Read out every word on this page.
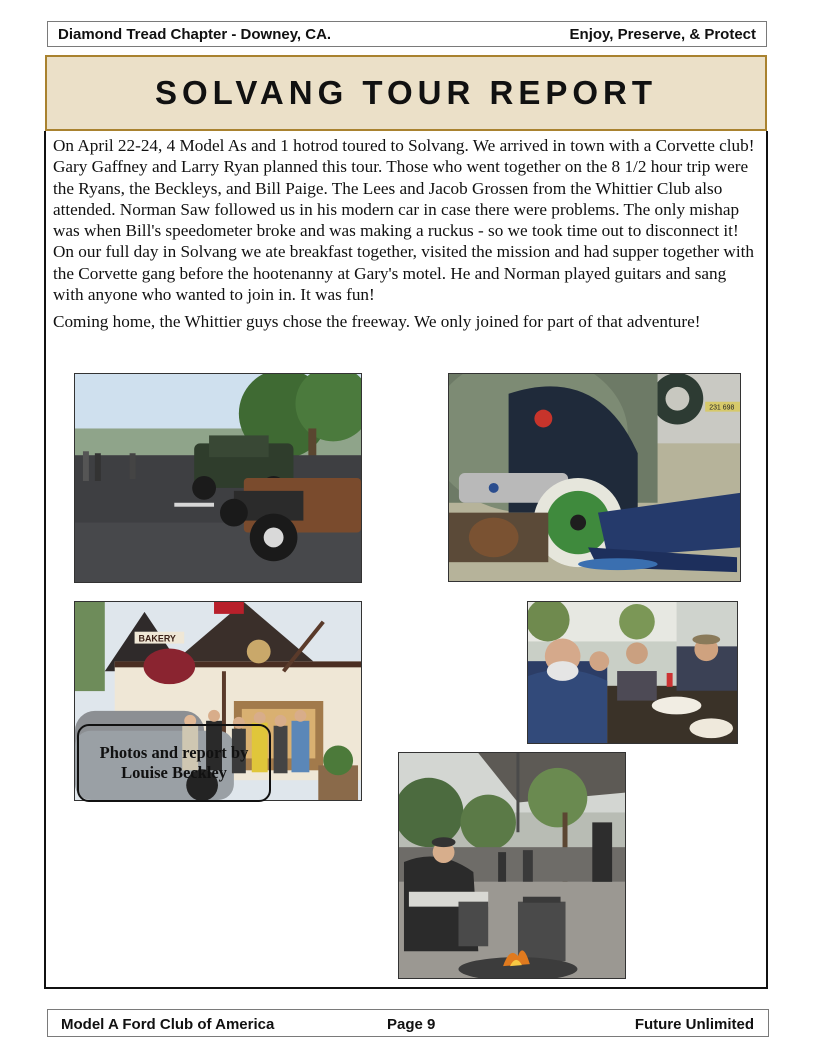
Diamond Tread Chapter - Downey, CA.	Enjoy, Preserve, & Protect
SOLVANG TOUR REPORT

On April 22-24, 4 Model As and 1 hotrod toured to Solvang. We arrived in town with a Corvette club! Gary Gaffney and Larry Ryan planned this tour. Those who went together on the 8 1/2 hour trip were the Ryans, the Beckleys, and Bill Paige. The Lees and Jacob Grossen from the Whittier Club also attended. Norman Saw followed us in his modern car in case there were problems. The only mishap was when Bill's speedometer broke and was making a ruckus - so we took time out to disconnect it! On our full day in Solvang we ate breakfast together, visited the mission and had supper together with the Corvette gang before the hootenanny at Gary's motel. He and Norman played guitars and sang with anyone who wanted to join in. It was fun!

Coming home, the Whittier guys chose the freeway. We only joined for part of that adventure!

231 698
BAKERY
Photos and report by
Louise Beckley
Model A Ford Club of America	Page 9	Future Unlimited
